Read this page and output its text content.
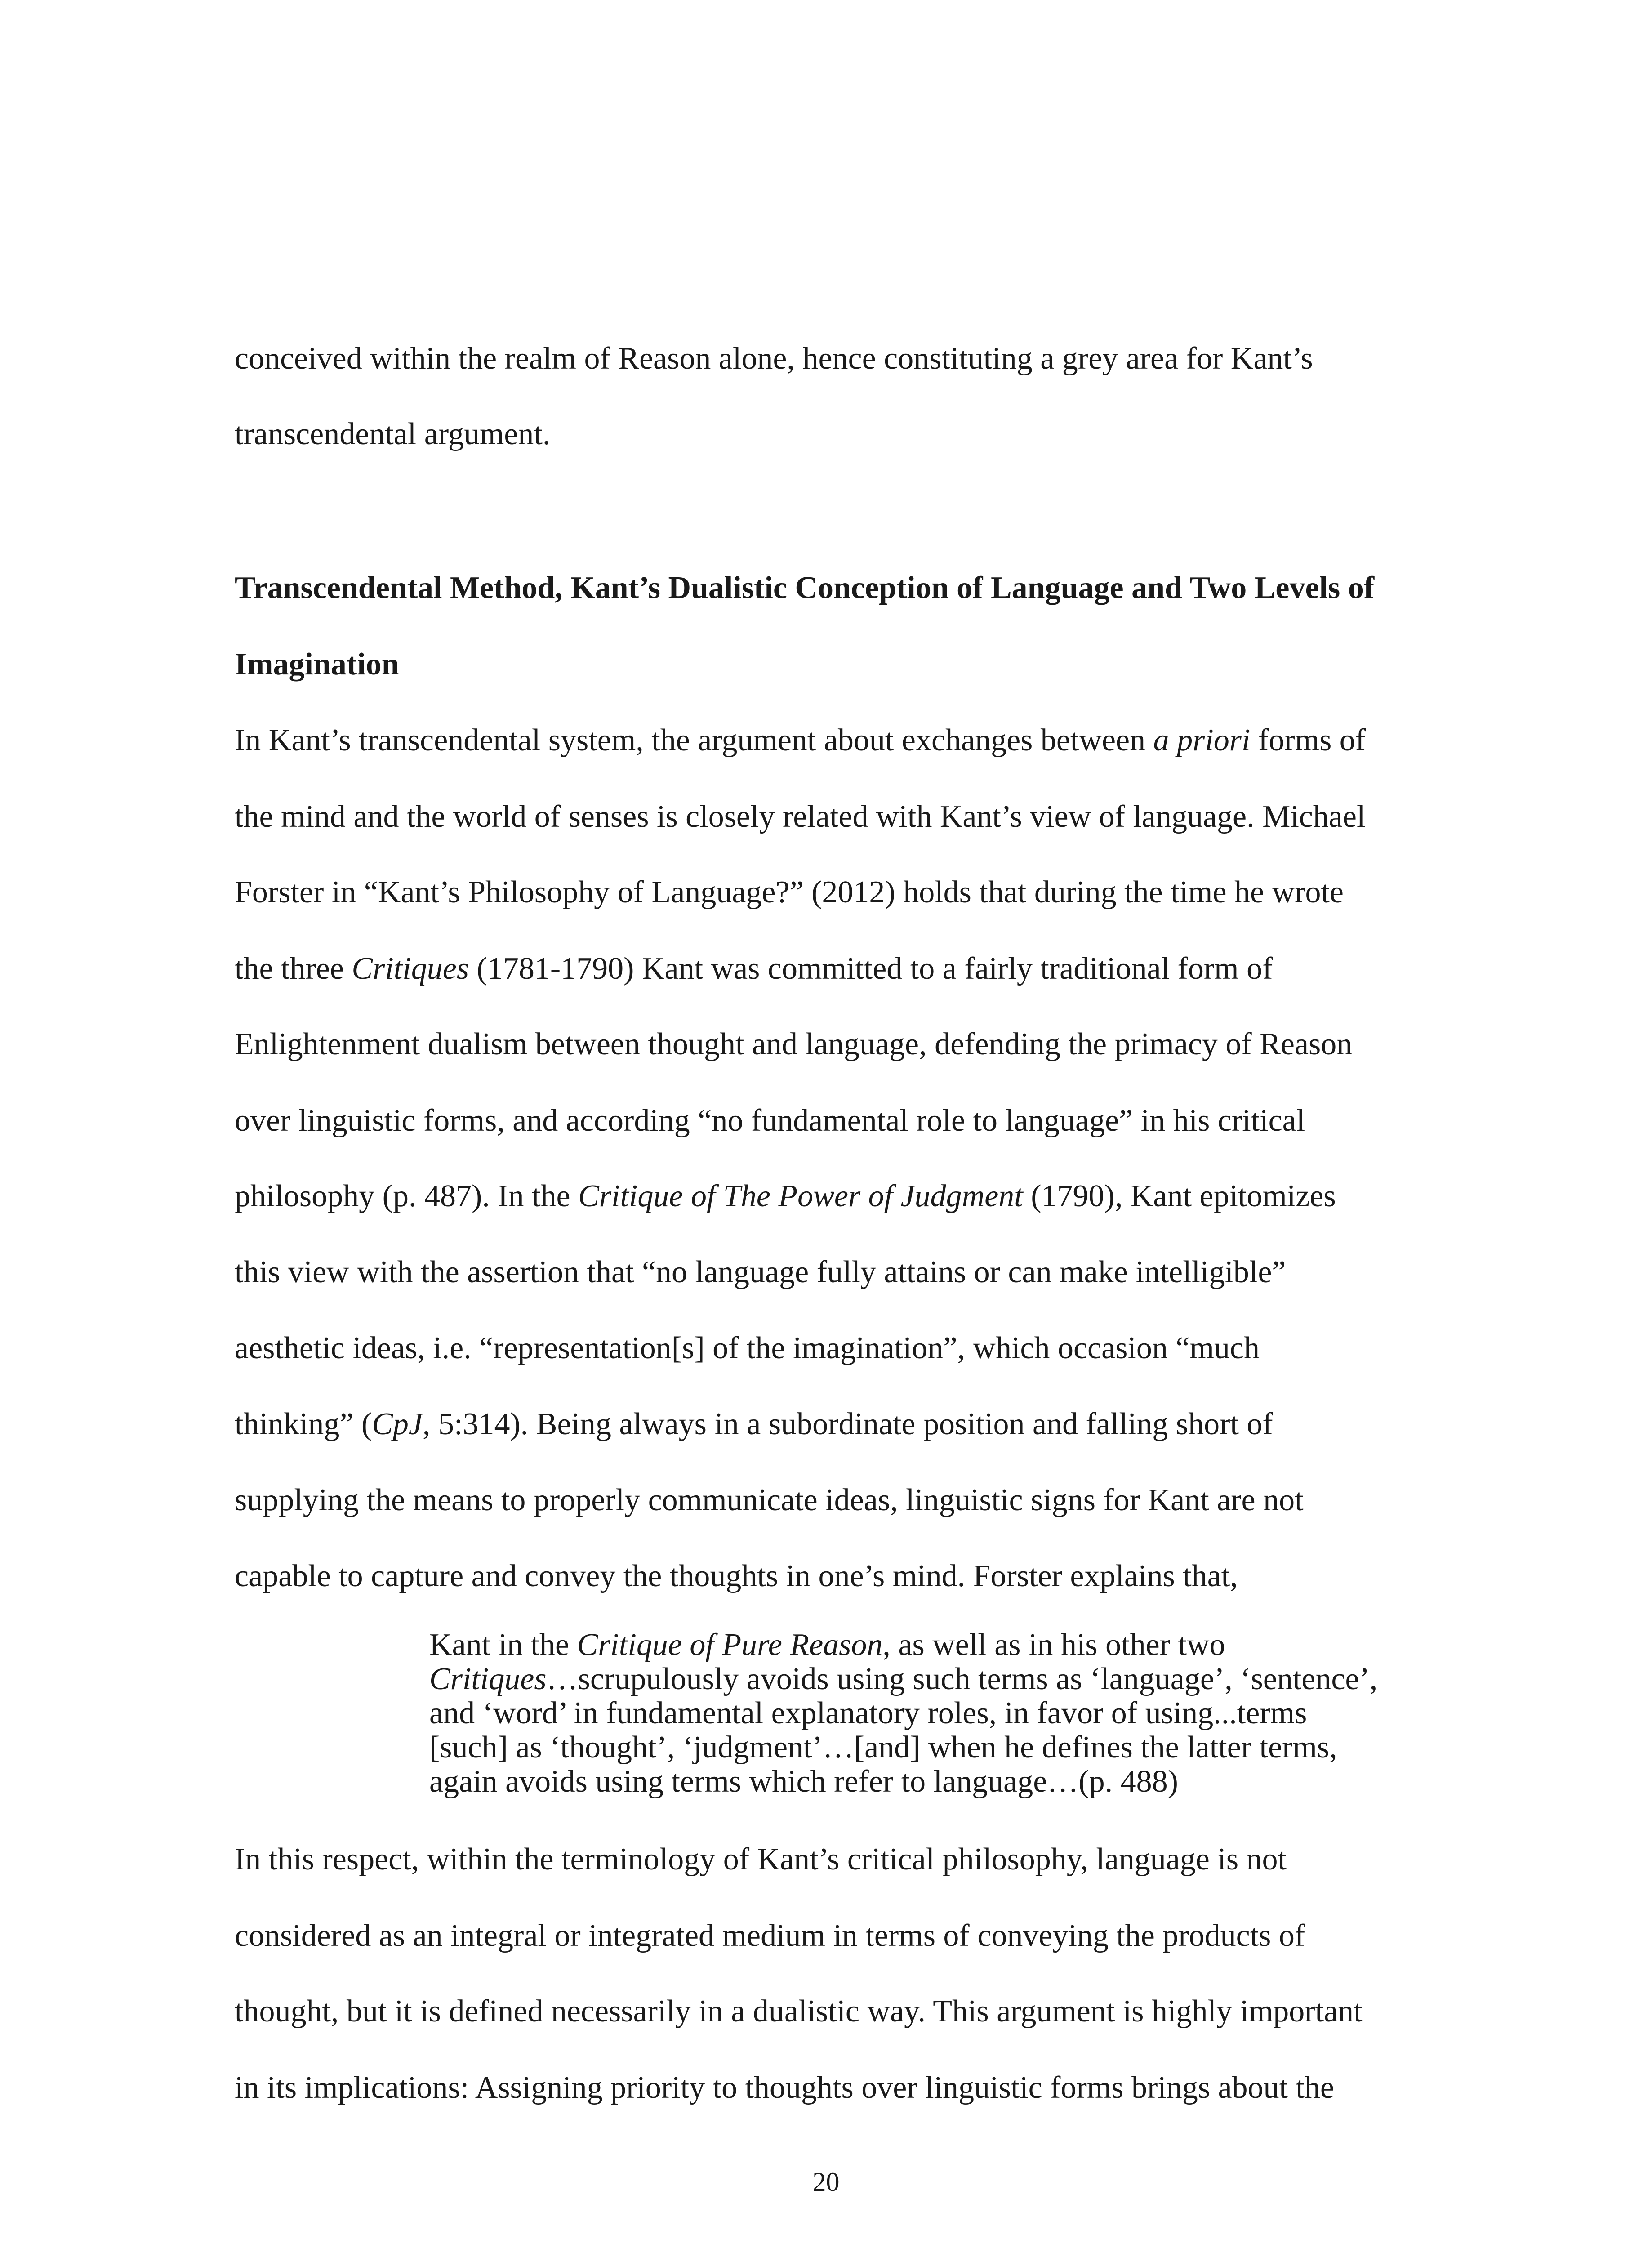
conceived within the realm of Reason alone, hence constituting a grey area for Kant’s
transcendental argument.
Transcendental Method, Kant’s Dualistic Conception of Language and Two Levels of
Imagination
In Kant’s transcendental system, the argument about exchanges between a priori forms of
the mind and the world of senses is closely related with Kant’s view of language. Michael
Forster in “Kant’s Philosophy of Language?” (2012) holds that during the time he wrote
the three Critiques (1781-1790) Kant was committed to a fairly traditional form of
Enlightenment dualism between thought and language, defending the primacy of Reason
over linguistic forms, and according “no fundamental role to language” in his critical
philosophy (p. 487). In the Critique of The Power of Judgment (1790), Kant epitomizes
this view with the assertion that “no language fully attains or can make intelligible”
aesthetic ideas, i.e. “representation[s] of the imagination”, which occasion “much
thinking” (CpJ, 5:314). Being always in a subordinate position and falling short of
supplying the means to properly communicate ideas, linguistic signs for Kant are not
capable to capture and convey the thoughts in one’s mind. Forster explains that,
Kant in the Critique of Pure Reason, as well as in his other two
Critiques…scrupulously avoids using such terms as ‘language’, ‘sentence’,
and ‘word’ in fundamental explanatory roles, in favor of using...terms
[such] as ‘thought’, ‘judgment’…[and] when he defines the latter terms,
again avoids using terms which refer to language…(p. 488)
In this respect, within the terminology of Kant’s critical philosophy, language is not
considered as an integral or integrated medium in terms of conveying the products of
thought, but it is defined necessarily in a dualistic way. This argument is highly important
in its implications: Assigning priority to thoughts over linguistic forms brings about the
20
